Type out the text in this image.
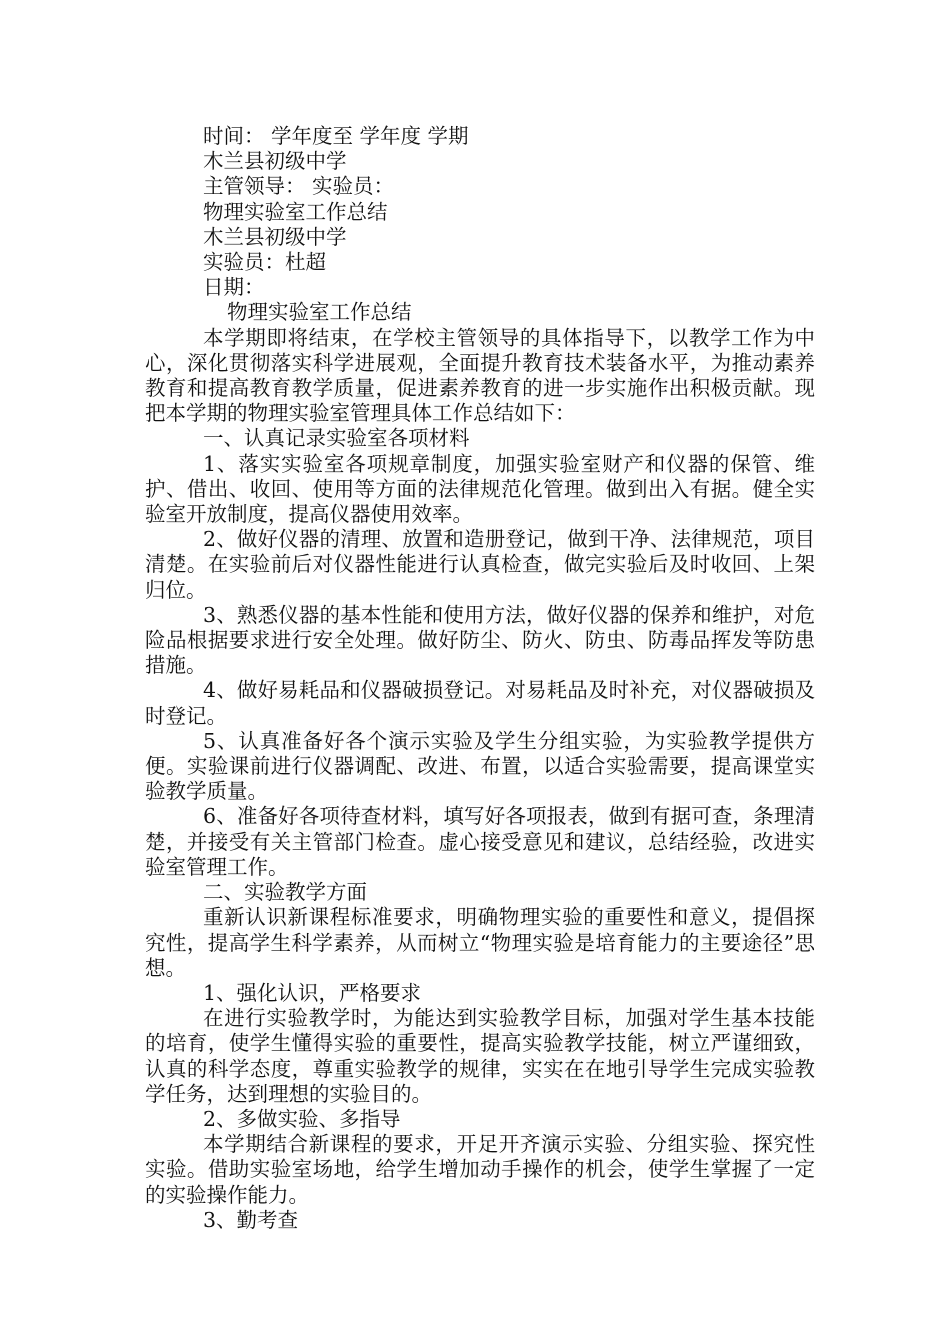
时间： 学年度至 学年度 学期
木兰县初级中学
主管领导： 实验员：
物理实验室工作总结
木兰县初级中学
实验员：杜超
日期：
物理实验室工作总结

本学期即将结束，在学校主管领导的具体指导下，以教学工作为中心，深化贯彻落实科学进展观，全面提升教育技术装备水平，为推动素养教育和提高教育教学质量，促进素养教育的进一步实施作出积极贡献。现把本学期的物理实验室管理具体工作总结如下：

一、认真记录实验室各项材料

1、落实实验室各项规章制度，加强实验室财产和仪器的保管、维护、借出、收回、使用等方面的法律规范化管理。做到出入有据。健全实验室开放制度，提高仪器使用效率。

2、做好仪器的清理、放置和造册登记，做到干净、法律规范，项目清楚。在实验前后对仪器性能进行认真检查，做完实验后及时收回、上架归位。

3、熟悉仪器的基本性能和使用方法，做好仪器的保养和维护，对危险品根据要求进行安全处理。做好防尘、防火、防虫、防毒品挥发等防患措施。

4、做好易耗品和仪器破损登记。对易耗品及时补充，对仪器破损及时登记。

5、认真准备好各个演示实验及学生分组实验，为实验教学提供方便。实验课前进行仪器调配、改进、布置，以适合实验需要，提高课堂实验教学质量。

6、准备好各项待查材料，填写好各项报表，做到有据可查，条理清楚，并接受有关主管部门检查。虚心接受意见和建议，总结经验，改进实验室管理工作。

二、实验教学方面

重新认识新课程标准要求，明确物理实验的重要性和意义，提倡探究性，提高学生科学素养，从而树立“物理实验是培育能力的主要途径”思想。

1、强化认识，严格要求

在进行实验教学时，为能达到实验教学目标，加强对学生基本技能的培育，使学生懂得实验的重要性，提高实验教学技能，树立严谨细致，认真的科学态度，尊重实验教学的规律，实实在在地引导学生完成实验教学任务，达到理想的实验目的。

2、多做实验、多指导

本学期结合新课程的要求，开足开齐演示实验、分组实验、探究性实验。借助实验室场地，给学生增加动手操作的机会，使学生掌握了一定的实验操作能力。

3、勤考查
